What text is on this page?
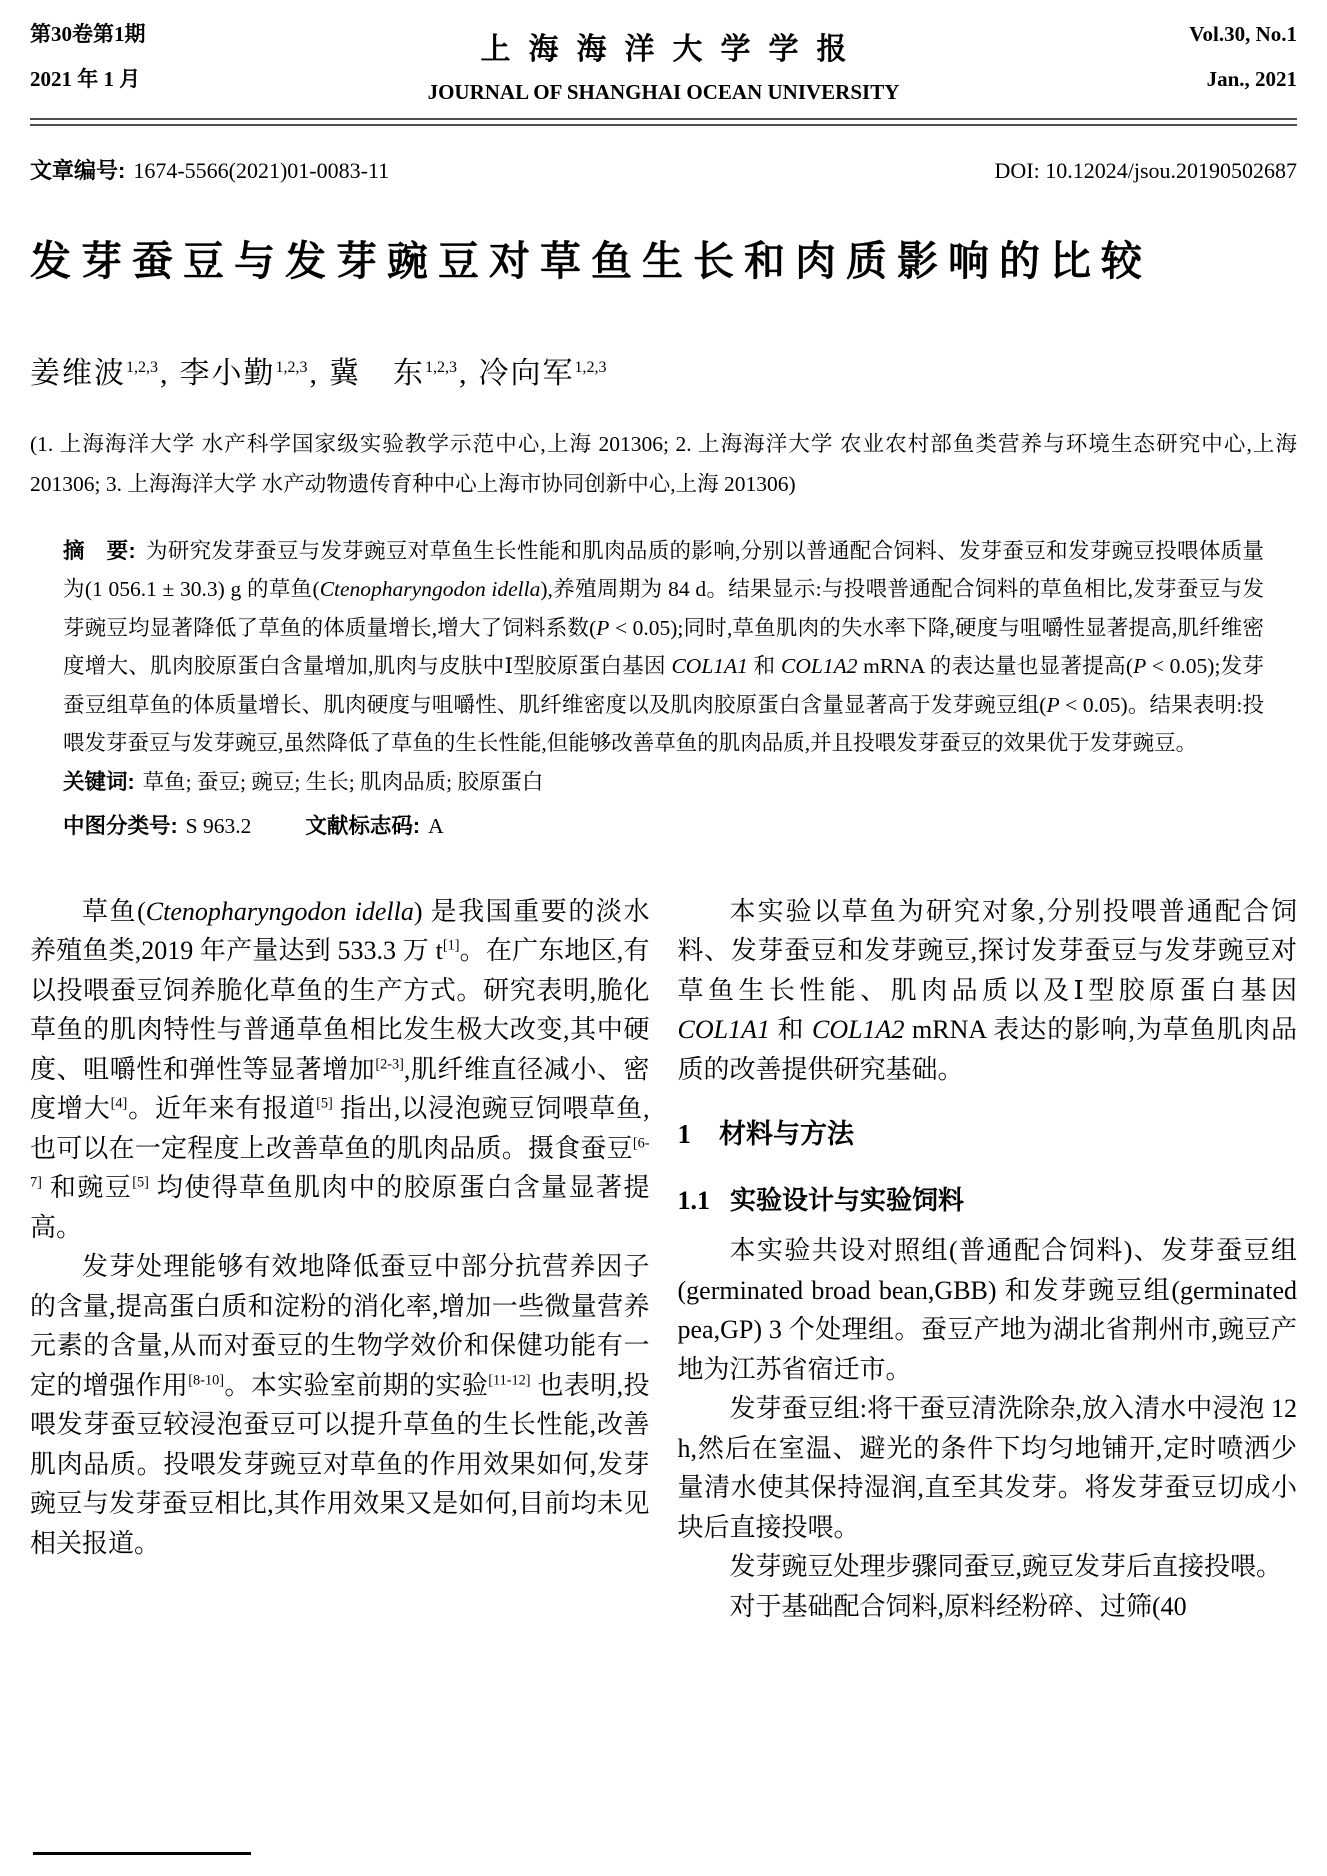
第30卷第1期
2021 年 1 月
上海海洋大学学报
JOURNAL OF SHANGHAI OCEAN UNIVERSITY
Vol.30, No.1
Jan., 2021
文章编号: 1674-5566(2021)01-0083-11	DOI: 10.12024/jsou.20190502687
发芽蚕豆与发芽豌豆对草鱼生长和肉质影响的比较
姜维波$^{1,2,3}$, 李小勤$^{1,2,3}$, 冀　东$^{1,2,3}$, 冷向军$^{1,2,3}$
(1. 上海海洋大学 水产科学国家级实验教学示范中心,上海 201306; 2. 上海海洋大学 农业农村部鱼类营养与环境生态研究中心,上海 201306; 3. 上海海洋大学 水产动物遗传育种中心上海市协同创新中心,上海 201306)
摘　要: 为研究发芽蚕豆与发芽豌豆对草鱼生长性能和肌肉品质的影响,分别以普通配合饲料、发芽蚕豆和发芽豌豆投喂体质量为(1 056.1 ± 30.3) g 的草鱼(Ctenopharyngodon idella),养殖周期为 84 d。结果显示:与投喂普通配合饲料的草鱼相比,发芽蚕豆与发芽豌豆均显著降低了草鱼的体质量增长,增大了饲料系数(P < 0.05);同时,草鱼肌肉的失水率下降,硬度与咀嚼性显著提高,肌纤维密度增大、肌肉胶原蛋白含量增加,肌肉与皮肤中Ⅰ型胶原蛋白基因 COL1A1 和 COL1A2 mRNA 的表达量也显著提高(P < 0.05);发芽蚕豆组草鱼的体质量增长、肌肉硬度与咀嚼性、肌纤维密度以及肌肉胶原蛋白含量显著高于发芽豌豆组(P < 0.05)。结果表明:投喂发芽蚕豆与发芽豌豆,虽然降低了草鱼的生长性能,但能够改善草鱼的肌肉品质,并且投喂发芽蚕豆的效果优于发芽豌豆。
关键词: 草鱼; 蚕豆; 豌豆; 生长; 肌肉品质; 胶原蛋白
中图分类号: S 963.2	文献标志码: A

草鱼(Ctenopharyngodon idella) 是我国重要的淡水养殖鱼类,2019 年产量达到 533.3 万 t[1]。在广东地区,有以投喂蚕豆饲养脆化草鱼的生产方式。研究表明,脆化草鱼的肌肉特性与普通草鱼相比发生极大改变,其中硬度、咀嚼性和弹性等显著增加[2-3],肌纤维直径减小、密度增大[4]。近年来有报道[5] 指出,以浸泡豌豆饲喂草鱼,也可以在一定程度上改善草鱼的肌肉品质。摄食蚕豆[6-7] 和豌豆[5] 均使得草鱼肌肉中的胶原蛋白含量显著提高。

发芽处理能够有效地降低蚕豆中部分抗营养因子的含量,提高蛋白质和淀粉的消化率,增加一些微量营养元素的含量,从而对蚕豆的生物学效价和保健功能有一定的增强作用[8-10]。本实验室前期的实验[11-12] 也表明,投喂发芽蚕豆较浸泡蚕豆可以提升草鱼的生长性能,改善肌肉品质。投喂发芽豌豆对草鱼的作用效果如何,发芽豌豆与发芽蚕豆相比,其作用效果又是如何,目前均未见相关报道。

本实验以草鱼为研究对象,分别投喂普通配合饲料、发芽蚕豆和发芽豌豆,探讨发芽蚕豆与发芽豌豆对草鱼生长性能、肌肉品质以及Ⅰ型胶原蛋白基因 COL1A1 和 COL1A2 mRNA 表达的影响,为草鱼肌肉品质的改善提供研究基础。

1 材料与方法
1.1 实验设计与实验饲料

本实验共设对照组(普通配合饲料)、发芽蚕豆组(germinated broad bean,GBB) 和发芽豌豆组(germinated pea,GP) 3 个处理组。蚕豆产地为湖北省荆州市,豌豆产地为江苏省宿迁市。

发芽蚕豆组:将干蚕豆清洗除杂,放入清水中浸泡 12 h,然后在室温、避光的条件下均匀地铺开,定时喷洒少量清水使其保持湿润,直至其发芽。将发芽蚕豆切成小块后直接投喂。

发芽豌豆处理步骤同蚕豆,豌豆发芽后直接投喂。

对于基础配合饲料,原料经粉碎、过筛(40
